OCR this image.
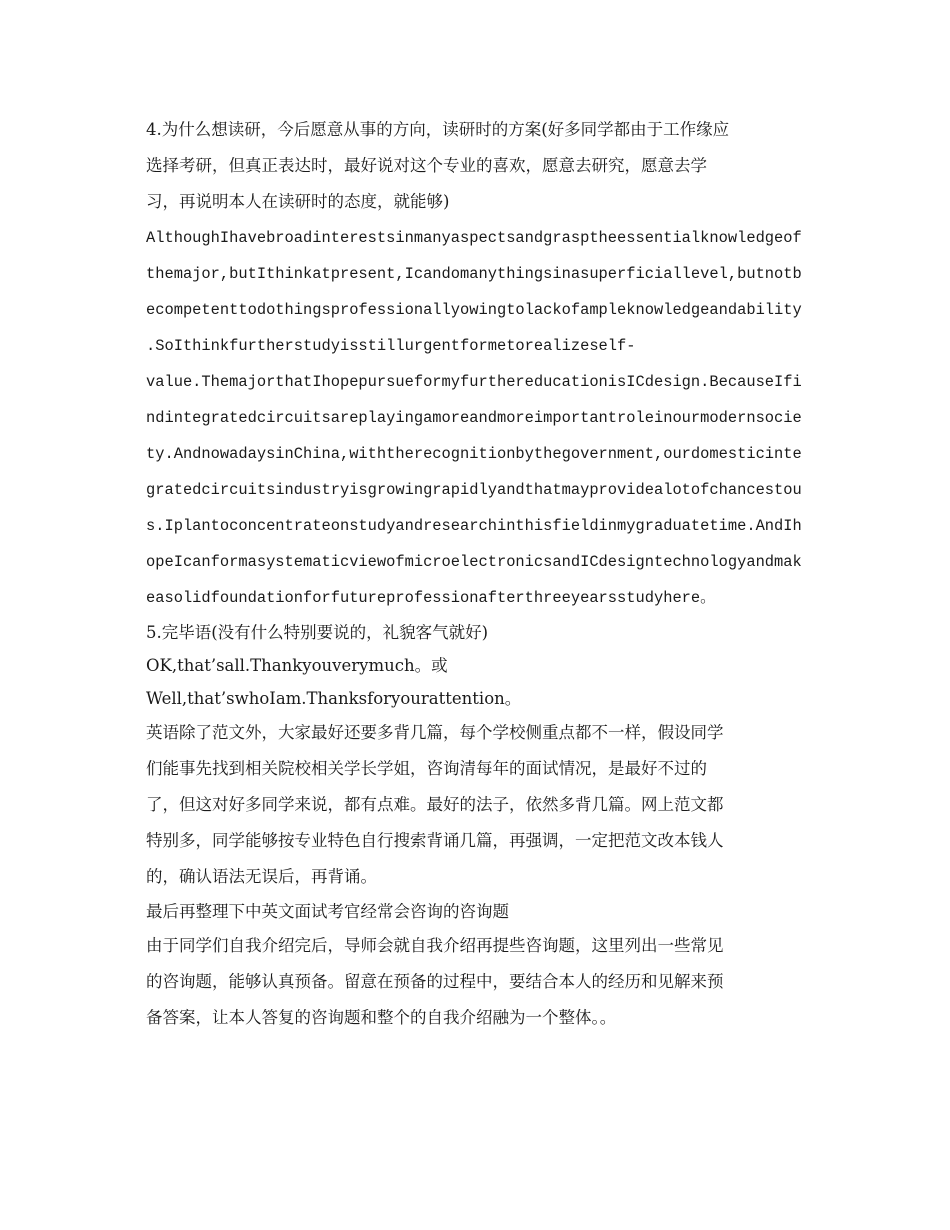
4.为什么想读研，今后愿意从事的方向，读研时的方案(好多同学都由于工作缘应
选择考研，但真正表达时，最好说对这个专业的喜欢，愿意去研究，愿意去学
习，再说明本人在读研时的态度，就能够)
AlthoughIhavebroadinterestsinmanyaspectsandgrasptheessentialknowledgeof
themajor,butIthinkatpresent,Icandomanythingsinasuperficiallevel,butnotb
ecompetenttodothingsprofessionallyowingtolackofampleknowledgeandability
.SoIthinkfurtherstudyisstillurgentformetorealizeself-
value.ThemajorthatIhopepursueformyfurthereducationisICdesign.BecauseIfi
ndintegratedcircuitsareplayingamoreandmoreimportantroleinourmodernsocie
ty.AndnowadaysinChina,withtherecognitionbythegovernment,ourdomesticinte
gratedcircuitsindustryisgrowingrapidlyandthatmayprovidealotofchancestou
s.Iplantoconcentrateonstudyandresearchinthisfieldinmygraduatetime.AndIh
opeIcanformasystematicviewofmicroelectronicsandICdesigntechnologyandmak
easolidfoundationforfutureprofessionafterthreeyearsstudyhere。
5.完毕语(没有什么特别要说的，礼貌客气就好)
OK,that’sall.Thankyouverymuch。或
Well,that’swhoIam.Thanksforyourattention。
英语除了范文外，大家最好还要多背几篇，每个学校侧重点都不一样，假设同学
们能事先找到相关院校相关学长学姐，咨询清每年的面试情况，是最好不过的
了，但这对好多同学来说，都有点难。最好的法子，依然多背几篇。网上范文都
特别多，同学能够按专业特色自行搜索背诵几篇，再强调，一定把范文改本钱人
的，确认语法无误后，再背诵。
最后再整理下中英文面试考官经常会咨询的咨询题
由于同学们自我介绍完后，导师会就自我介绍再提些咨询题，这里列出一些常见
的咨询题，能够认真预备。留意在预备的过程中，要结合本人的经历和见解来预
备答案，让本人答复的咨询题和整个的自我介绍融为一个整体。。
